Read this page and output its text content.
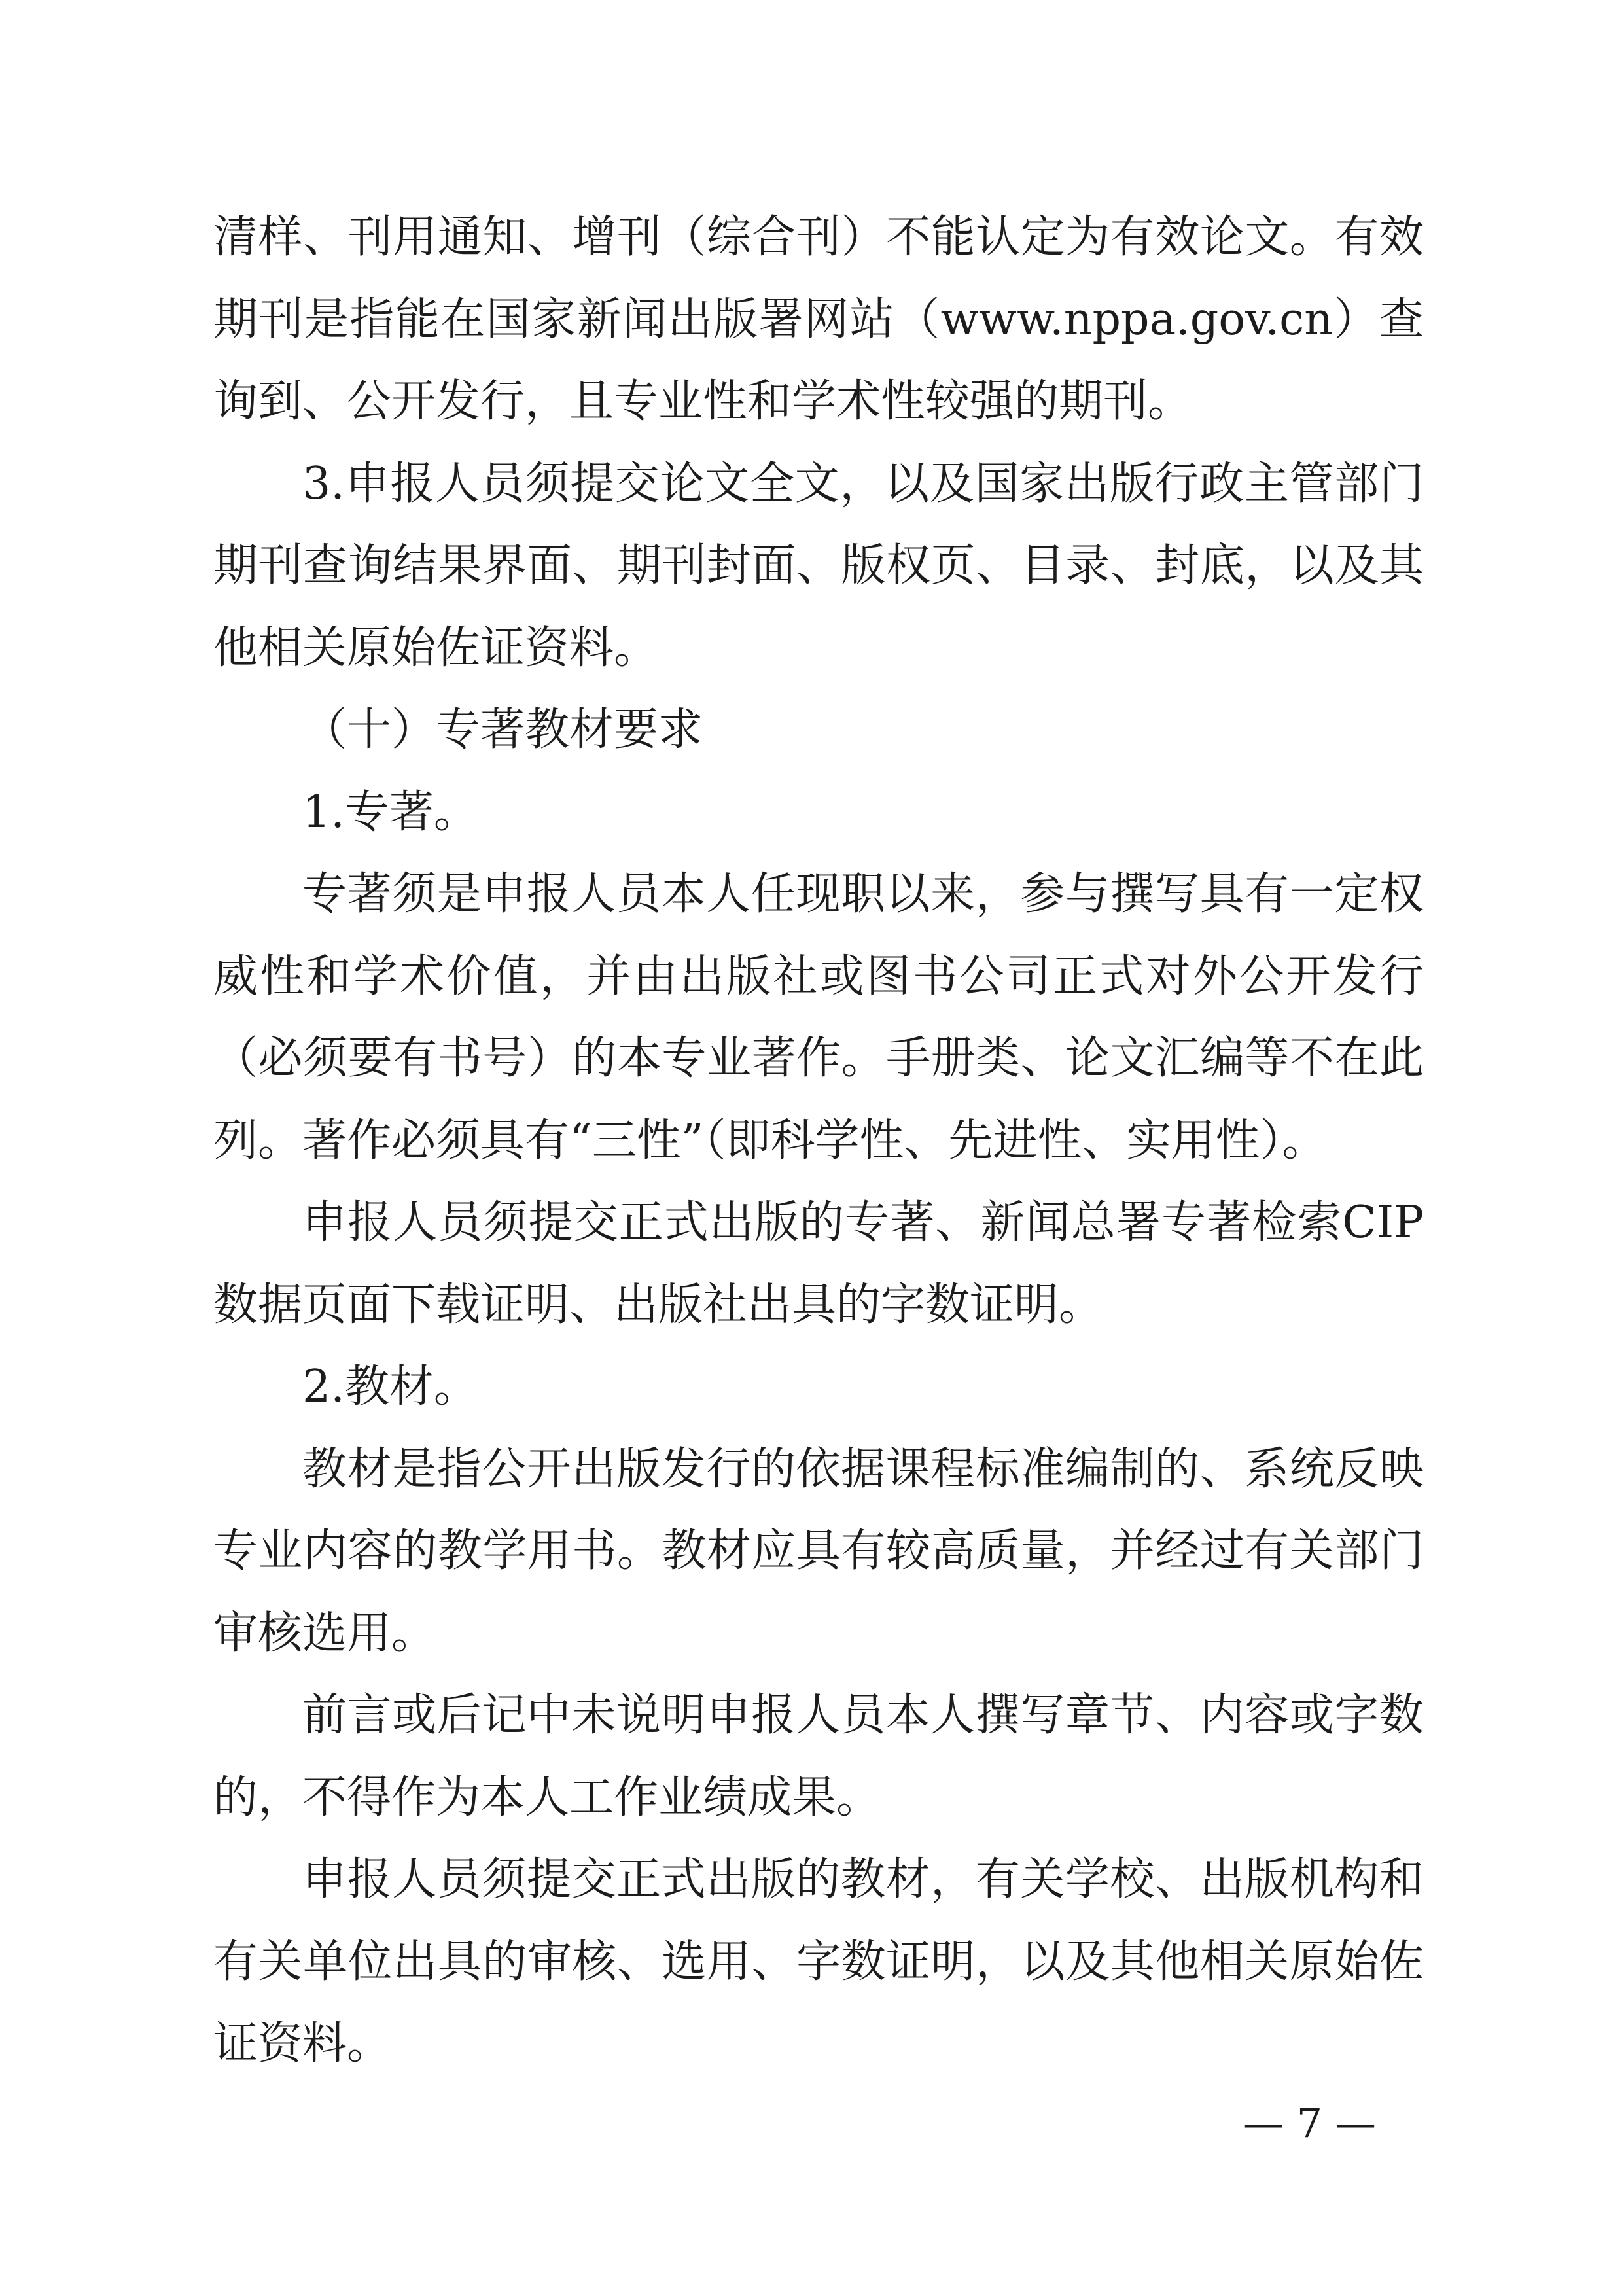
清样、刊用通知、增刊（综合刊）不能认定为有效论文。有效期刊是指能在国家新闻出版署网站（www.nppa.gov.cn）查询到、公开发行，且专业性和学术性较强的期刊。

3.申报人员须提交论文全文，以及国家出版行政主管部门期刊查询结果界面、期刊封面、版权页、目录、封底，以及其他相关原始佐证资料。

（十）专著教材要求

1.专著。

专著须是申报人员本人任现职以来，参与撰写具有一定权威性和学术价值，并由出版社或图书公司正式对外公开发行（必须要有书号）的本专业著作。手册类、论文汇编等不在此列。著作必须具有“三性”（即科学性、先进性、实用性）。

申报人员须提交正式出版的专著、新闻总署专著检索CIP数据页面下载证明、出版社出具的字数证明。

2.教材。

教材是指公开出版发行的依据课程标准编制的、系统反映专业内容的教学用书。教材应具有较高质量，并经过有关部门审核选用。

前言或后记中未说明申报人员本人撰写章节、内容或字数的，不得作为本人工作业绩成果。

申报人员须提交正式出版的教材，有关学校、出版机构和有关单位出具的审核、选用、字数证明，以及其他相关原始佐证资料。

— 7 —
